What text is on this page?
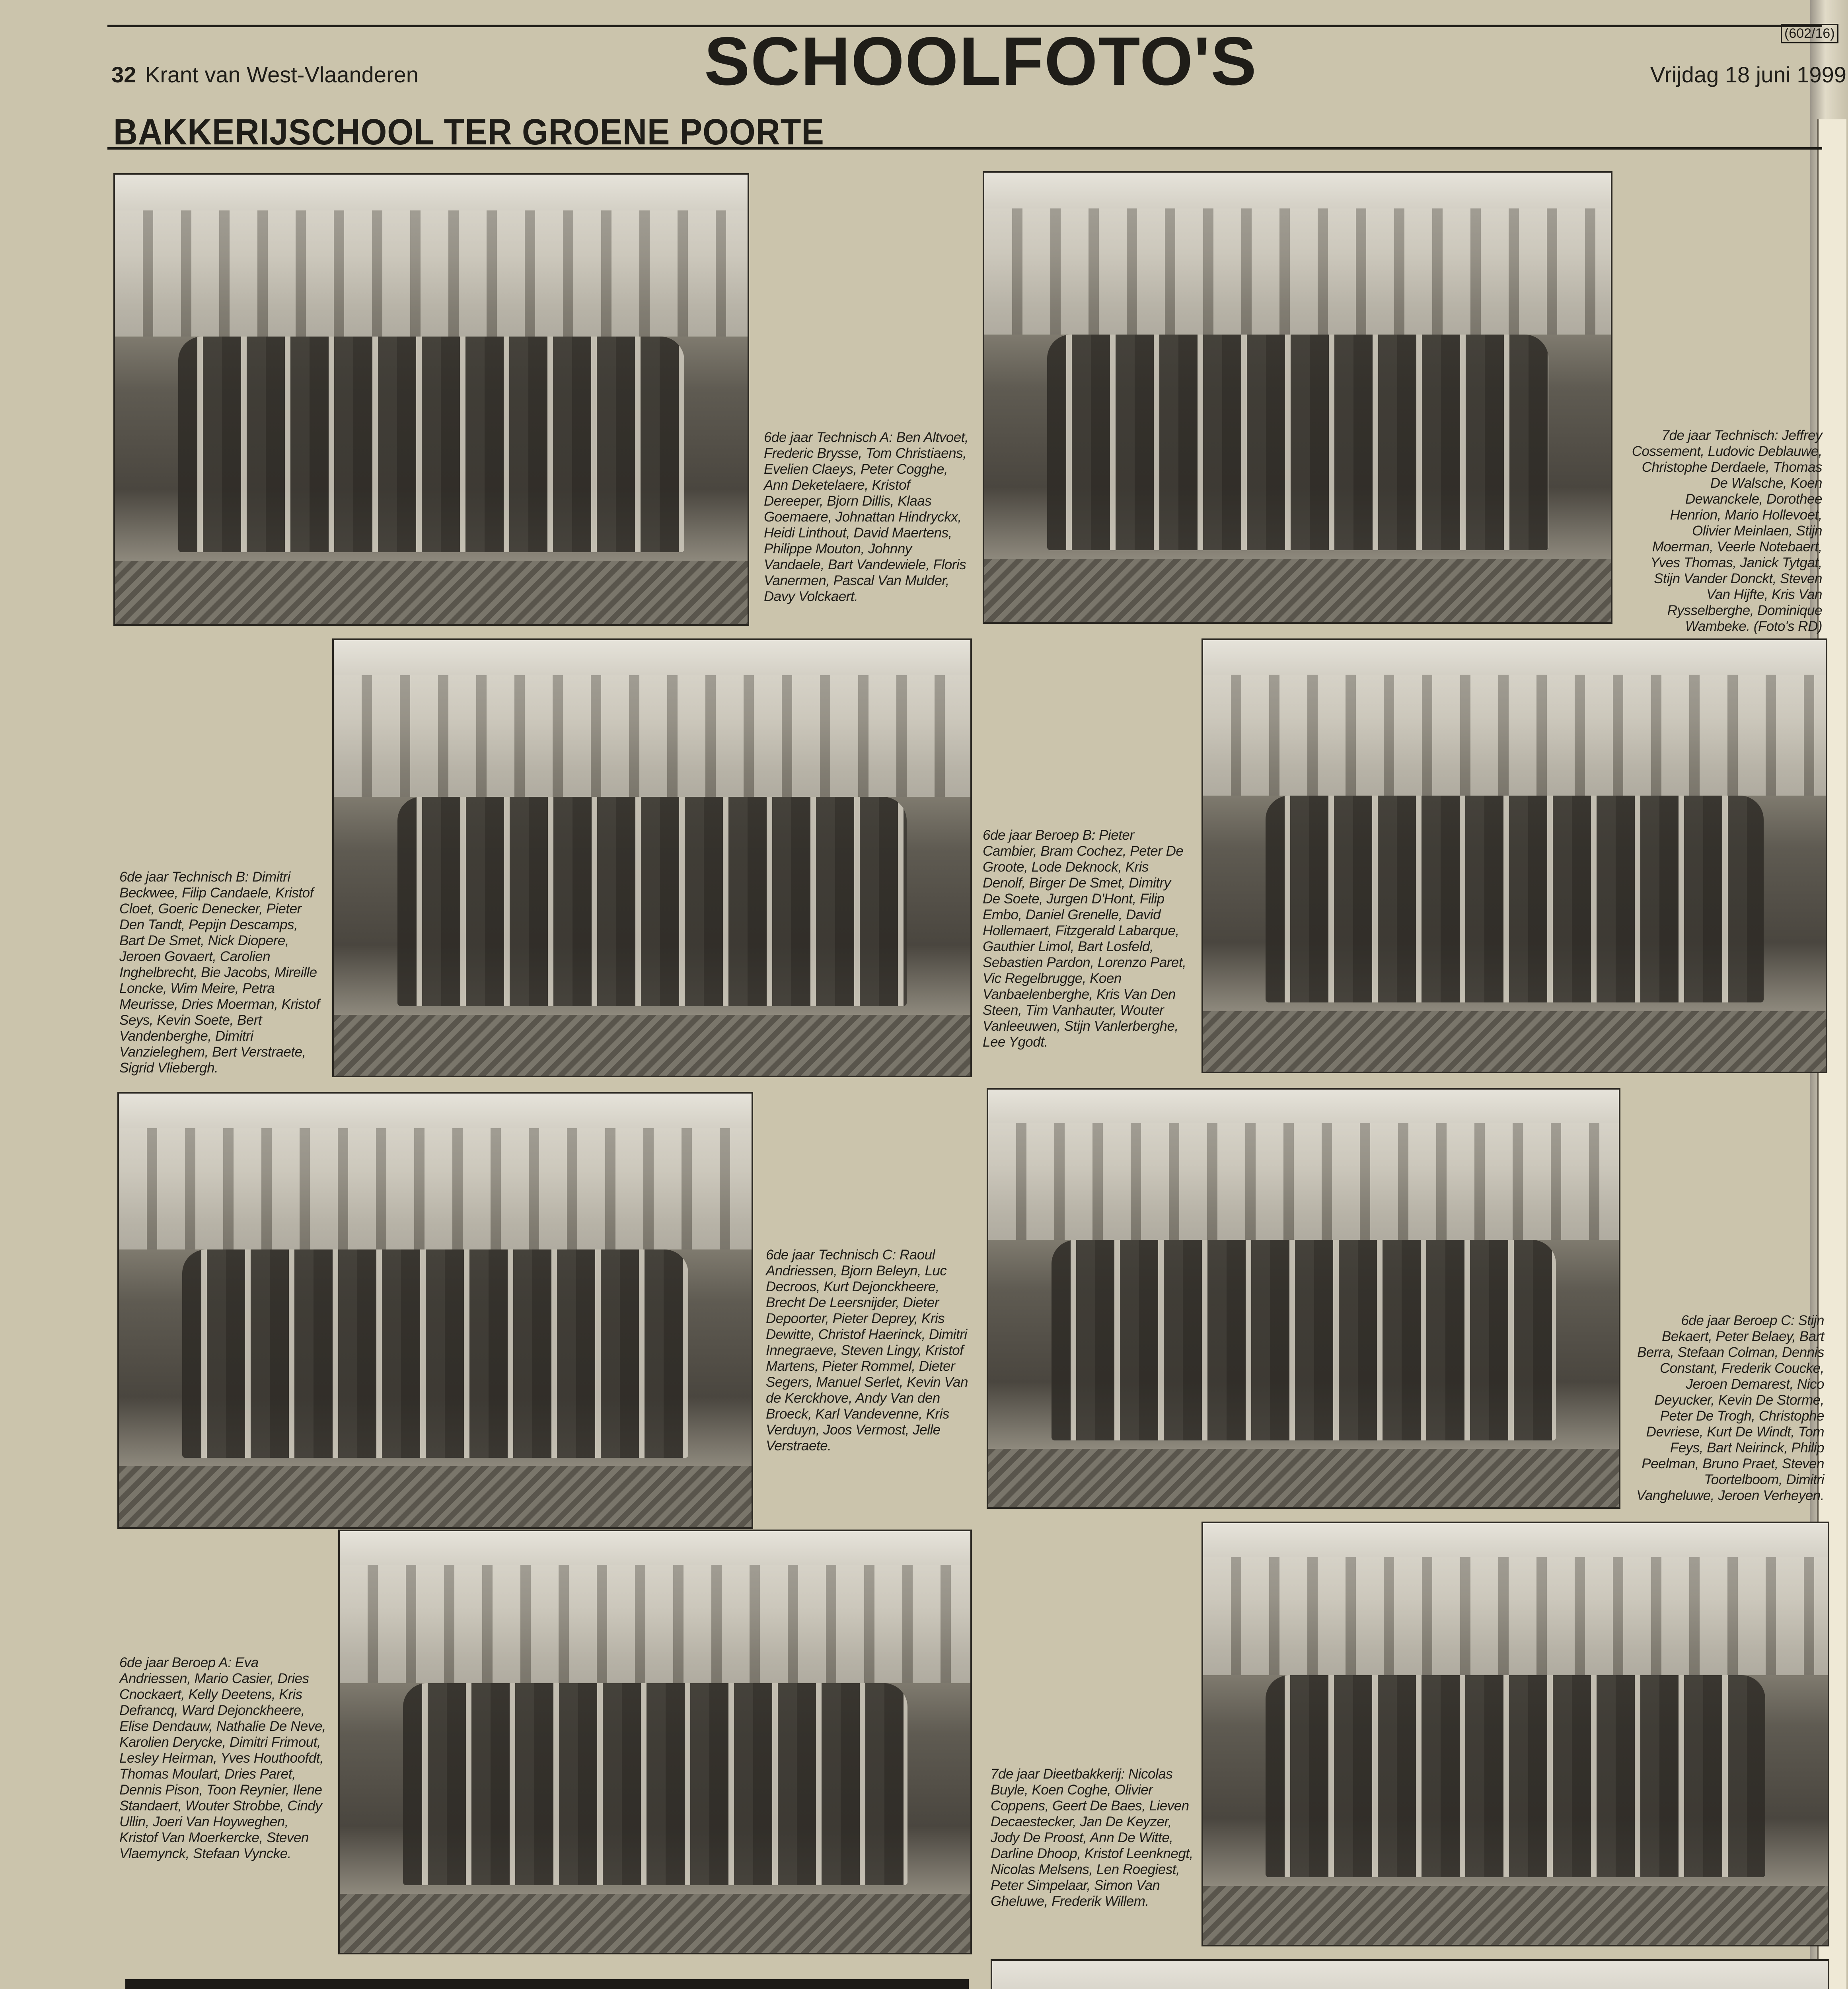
32 Krant van West-Vlaanderen	SCHOOLFOTO'S	Vrijdag 18 juni 1999
(602/16)
BAKKERIJSCHOOL TER GROENE POORTE
6de jaar Technisch A: Ben Altvoet, Frederic Brysse, Tom Christiaens, Evelien Claeys, Peter Cogghe, Ann Deketelaere, Kristof Dereeper, Bjorn Dillis, Klaas Goemaere, Johnattan Hindryckx, Heidi Linthout, David Maertens, Philippe Mouton, Johnny Vandaele, Bart Vandewiele, Floris Vanermen, Pascal Van Mulder, Davy Volckaert.
7de jaar Technisch: Jeffrey Cossement, Ludovic Deblauwe, Christophe Derdaele, Thomas De Walsche, Koen Dewanckele, Dorothee Henrion, Mario Hollevoet, Olivier Meinlaen, Stijn Moerman, Veerle Notebaert, Yves Thomas, Janick Tytgat, Stijn Vander Donckt, Steven Van Hijfte, Kris Van Rysselberghe, Dominique Wambeke. (Foto's RD)
6de jaar Technisch B: Dimitri Beckwee, Filip Candaele, Kristof Cloet, Goeric Denecker, Pieter Den Tandt, Pepijn Descamps, Bart De Smet, Nick Diopere, Jeroen Govaert, Carolien Inghelbrecht, Bie Jacobs, Mireille Loncke, Wim Meire, Petra Meurisse, Dries Moerman, Kristof Seys, Kevin Soete, Bert Vandenberghe, Dimitri Vanzieleghem, Bert Verstraete, Sigrid Vliebergh.
6de jaar Beroep B: Pieter Cambier, Bram Cochez, Peter De Groote, Lode Deknock, Kris Denolf, Birger De Smet, Dimitry De Soete, Jurgen D'Hont, Filip Embo, Daniel Grenelle, David Hollemaert, Fitzgerald Labarque, Gauthier Limol, Bart Losfeld, Sebastien Pardon, Lorenzo Paret, Vic Regelbrugge, Koen Vanbaelenberghe, Kris Van Den Steen, Tim Vanhauter, Wouter Vanleeuwen, Stijn Vanlerberghe, Lee Ygodt.
6de jaar Technisch C: Raoul Andriessen, Bjorn Beleyn, Luc Decroos, Kurt Dejonckheere, Brecht De Leersnijder, Dieter Depoorter, Pieter Deprey, Kris Dewitte, Christof Haerinck, Dimitri Innegraeve, Steven Lingy, Kristof Martens, Pieter Rommel, Dieter Segers, Manuel Serlet, Kevin Van de Kerckhove, Andy Van den Broeck, Karl Vandevenne, Kris Verduyn, Joos Vermost, Jelle Verstraete.
6de jaar Beroep C: Stijn Bekaert, Peter Belaey, Bart Berra, Stefaan Colman, Dennis Constant, Frederik Coucke, Jeroen Demarest, Nico Deyucker, Kevin De Storme, Peter De Trogh, Christophe Devriese, Kurt De Windt, Tom Feys, Bart Neirinck, Philip Peelman, Bruno Praet, Steven Toortelboom, Dimitri Vangheluwe, Jeroen Verheyen.
6de jaar Beroep A: Eva Andriessen, Mario Casier, Dries Cnockaert, Kelly Deetens, Kris Defrancq, Ward Dejonckheere, Elise Dendauw, Nathalie De Neve, Karolien Derycke, Dimitri Frimout, Lesley Heirman, Yves Houthoofdt, Thomas Moulart, Dries Paret, Dennis Pison, Toon Reynier, Ilene Standaert, Wouter Strobbe, Cindy Ullin, Joeri Van Hoyweghen, Kristof Van Moerkercke, Steven Vlaemynck, Stefaan Vyncke.
7de jaar Dieetbakkerij: Nicolas Buyle, Koen Coghe, Olivier Coppens, Geert De Baes, Lieven Decaestecker, Jan De Keyzer, Jody De Proost, Ann De Witte, Darline Dhoop, Kristof Leenknegt, Nicolas Melsens, Len Roegiest, Peter Simpelaar, Simon Van Gheluwe, Frederik Willem.
